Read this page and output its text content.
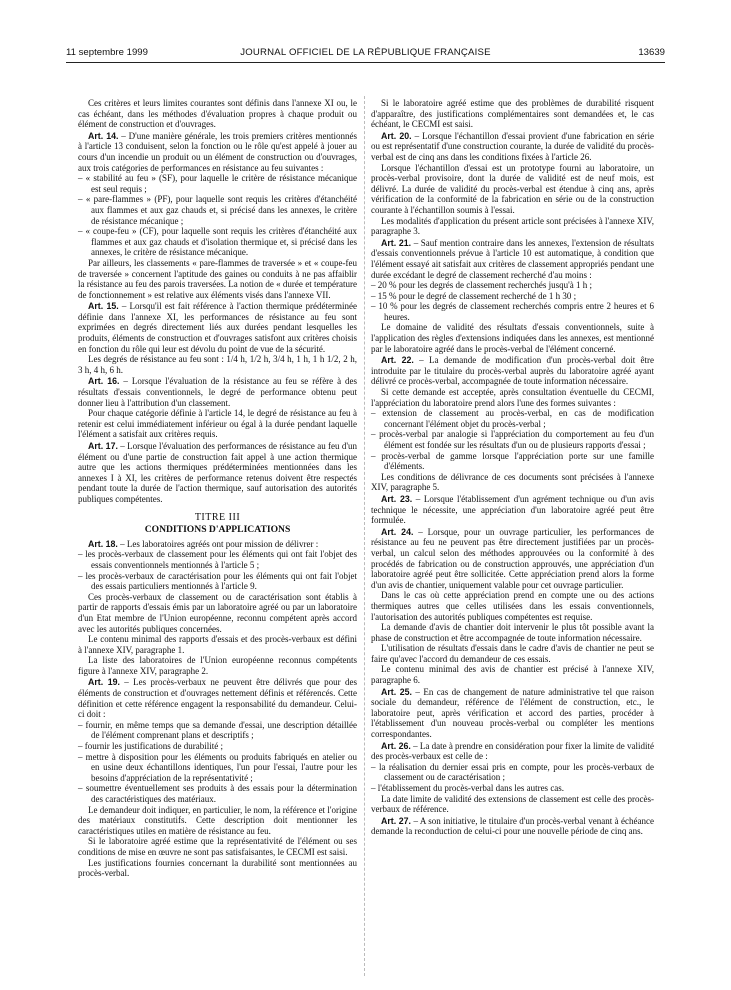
11 septembre 1999	JOURNAL OFFICIEL DE LA RÉPUBLIQUE FRANÇAISE	13639

Ces critères et leurs limites courantes sont définis dans l'annexe XI ou, le cas échéant, dans les méthodes d'évaluation propres à chaque produit ou élément de construction et d'ouvrages.

Art. 14. – D'une manière générale, les trois premiers critères mentionnés à l'article 13 conduisent, selon la fonction ou le rôle qu'est appelé à jouer au cours d'un incendie un produit ou un élément de construction ou d'ouvrages, aux trois catégories de performances en résistance au feu suivantes :

– « stabilité au feu » (SF), pour laquelle le critère de résistance mécanique est seul requis ;
– « pare-flammes » (PF), pour laquelle sont requis les critères d'étanchéité aux flammes et aux gaz chauds et, si précisé dans les annexes, le critère de résistance mécanique ;
– « coupe-feu » (CF), pour laquelle sont requis les critères d'étanchéité aux flammes et aux gaz chauds et d'isolation thermique et, si précisé dans les annexes, le critère de résistance mécanique.

Par ailleurs, les classements « pare-flammes de traversée » et « coupe-feu de traversée » concernent l'aptitude des gaines ou conduits à ne pas affaiblir la résistance au feu des parois traversées. La notion de « durée et température de fonctionnement » est relative aux éléments visés dans l'annexe VII.

Art. 15. – Lorsqu'il est fait référence à l'action thermique prédéterminée définie dans l'annexe XI, les performances de résistance au feu sont exprimées en degrés directement liés aux durées pendant lesquelles les produits, éléments de construction et d'ouvrages satisfont aux critères choisis en fonction du rôle qui leur est dévolu du point de vue de la sécurité.

Les degrés de résistance au feu sont : 1/4 h, 1/2 h, 3/4 h, 1 h, 1 h 1/2, 2 h, 3 h, 4 h, 6 h.

Art. 16. – Lorsque l'évaluation de la résistance au feu se réfère à des résultats d'essais conventionnels, le degré de performance obtenu peut donner lieu à l'attribution d'un classement.

Pour chaque catégorie définie à l'article 14, le degré de résistance au feu à retenir est celui immédiatement inférieur ou égal à la durée pendant laquelle l'élément a satisfait aux critères requis.

Art. 17. – Lorsque l'évaluation des performances de résistance au feu d'un élément ou d'une partie de construction fait appel à une action thermique autre que les actions thermiques prédéterminées mentionnées dans les annexes I à XI, les critères de performance retenus doivent être respectés pendant toute la durée de l'action thermique, sauf autorisation des autorités publiques compétentes.

TITRE III
CONDITIONS D'APPLICATIONS

Art. 18. – Les laboratoires agréés ont pour mission de délivrer :

– les procès-verbaux de classement pour les éléments qui ont fait l'objet des essais conventionnels mentionnés à l'article 5 ;
– les procès-verbaux de caractérisation pour les éléments qui ont fait l'objet des essais particuliers mentionnés à l'article 9.

Ces procès-verbaux de classement ou de caractérisation sont établis à partir de rapports d'essais émis par un laboratoire agréé ou par un laboratoire d'un Etat membre de l'Union européenne, reconnu compétent après accord avec les autorités publiques concernées.

Le contenu minimal des rapports d'essais et des procès-verbaux est défini à l'annexe XIV, paragraphe 1.

La liste des laboratoires de l'Union européenne reconnus compétents figure à l'annexe XIV, paragraphe 2.

Art. 19. – Les procès-verbaux ne peuvent être délivrés que pour des éléments de construction et d'ouvrages nettement définis et référencés. Cette définition et cette référence engagent la responsabilité du demandeur. Celui-ci doit :

– fournir, en même temps que sa demande d'essai, une description détaillée de l'élément comprenant plans et descriptifs ;
– fournir les justifications de durabilité ;
– mettre à disposition pour les éléments ou produits fabriqués en atelier ou en usine deux échantillons identiques, l'un pour l'essai, l'autre pour les besoins d'appréciation de la représentativité ;
– soumettre éventuellement ses produits à des essais pour la détermination des caractéristiques des matériaux.

Le demandeur doit indiquer, en particulier, le nom, la référence et l'origine des matériaux constitutifs. Cette description doit mentionner les caractéristiques utiles en matière de résistance au feu.

Si le laboratoire agréé estime que la représentativité de l'élément ou ses conditions de mise en œuvre ne sont pas satisfaisantes, le CECMI est saisi.

Les justifications fournies concernant la durabilité sont mentionnées au procès-verbal.

Si le laboratoire agréé estime que des problèmes de durabilité risquent d'apparaître, des justifications complémentaires sont demandées et, le cas échéant, le CECMI est saisi.

Art. 20. – Lorsque l'échantillon d'essai provient d'une fabrication en série ou est représentatif d'une construction courante, la durée de validité du procès-verbal est de cinq ans dans les conditions fixées à l'article 26.

Lorsque l'échantillon d'essai est un prototype fourni au laboratoire, un procès-verbal provisoire, dont la durée de validité est de neuf mois, est délivré. La durée de validité du procès-verbal est étendue à cinq ans, après vérification de la conformité de la fabrication en série ou de la construction courante à l'échantillon soumis à l'essai.

Les modalités d'application du présent article sont précisées à l'annexe XIV, paragraphe 3.

Art. 21. – Sauf mention contraire dans les annexes, l'extension de résultats d'essais conventionnels prévue à l'article 10 est automatique, à condition que l'élément essayé ait satisfait aux critères de classement appropriés pendant une durée excédant le degré de classement recherché d'au moins :

– 20 % pour les degrés de classement recherchés jusqu'à 1 h ;
– 15 % pour le degré de classement recherché de 1 h 30 ;
– 10 % pour les degrés de classement recherchés compris entre 2 heures et 6 heures.

Le domaine de validité des résultats d'essais conventionnels, suite à l'application des règles d'extensions indiquées dans les annexes, est mentionné par le laboratoire agréé dans le procès-verbal de l'élément concerné.

Art. 22. – La demande de modification d'un procès-verbal doit être introduite par le titulaire du procès-verbal auprès du laboratoire agréé ayant délivré ce procès-verbal, accompagnée de toute information nécessaire.

Si cette demande est acceptée, après consultation éventuelle du CECMI, l'appréciation du laboratoire prend alors l'une des formes suivantes :

– extension de classement au procès-verbal, en cas de modification concernant l'élément objet du procès-verbal ;
– procès-verbal par analogie si l'appréciation du comportement au feu d'un élément est fondée sur les résultats d'un ou de plusieurs rapports d'essai ;
– procès-verbal de gamme lorsque l'appréciation porte sur une famille d'éléments.

Les conditions de délivrance de ces documents sont précisées à l'annexe XIV, paragraphe 5.

Art. 23. – Lorsque l'établissement d'un agrément technique ou d'un avis technique le nécessite, une appréciation d'un laboratoire agréé peut être formulée.

Art. 24. – Lorsque, pour un ouvrage particulier, les performances de résistance au feu ne peuvent pas être directement justifiées par un procès-verbal, un calcul selon des méthodes approuvées ou la conformité à des procédés de fabrication ou de construction approuvés, une appréciation d'un laboratoire agréé peut être sollicitée. Cette appréciation prend alors la forme d'un avis de chantier, uniquement valable pour cet ouvrage particulier.

Dans le cas où cette appréciation prend en compte une ou des actions thermiques autres que celles utilisées dans les essais conventionnels, l'autorisation des autorités publiques compétentes est requise.

La demande d'avis de chantier doit intervenir le plus tôt possible avant la phase de construction et être accompagnée de toute information nécessaire.

L'utilisation de résultats d'essais dans le cadre d'avis de chantier ne peut se faire qu'avec l'accord du demandeur de ces essais.

Le contenu minimal des avis de chantier est précisé à l'annexe XIV, paragraphe 6.

Art. 25. – En cas de changement de nature administrative tel que raison sociale du demandeur, référence de l'élément de construction, etc., le laboratoire peut, après vérification et accord des parties, procéder à l'établissement d'un nouveau procès-verbal ou compléter les mentions correspondantes.

Art. 26. – La date à prendre en considération pour fixer la limite de validité des procès-verbaux est celle de :

– la réalisation du dernier essai pris en compte, pour les procès-verbaux de classement ou de caractérisation ;
– l'établissement du procès-verbal dans les autres cas.

La date limite de validité des extensions de classement est celle des procès-verbaux de référence.

Art. 27. – A son initiative, le titulaire d'un procès-verbal venant à échéance demande la reconduction de celui-ci pour une nouvelle période de cinq ans.
